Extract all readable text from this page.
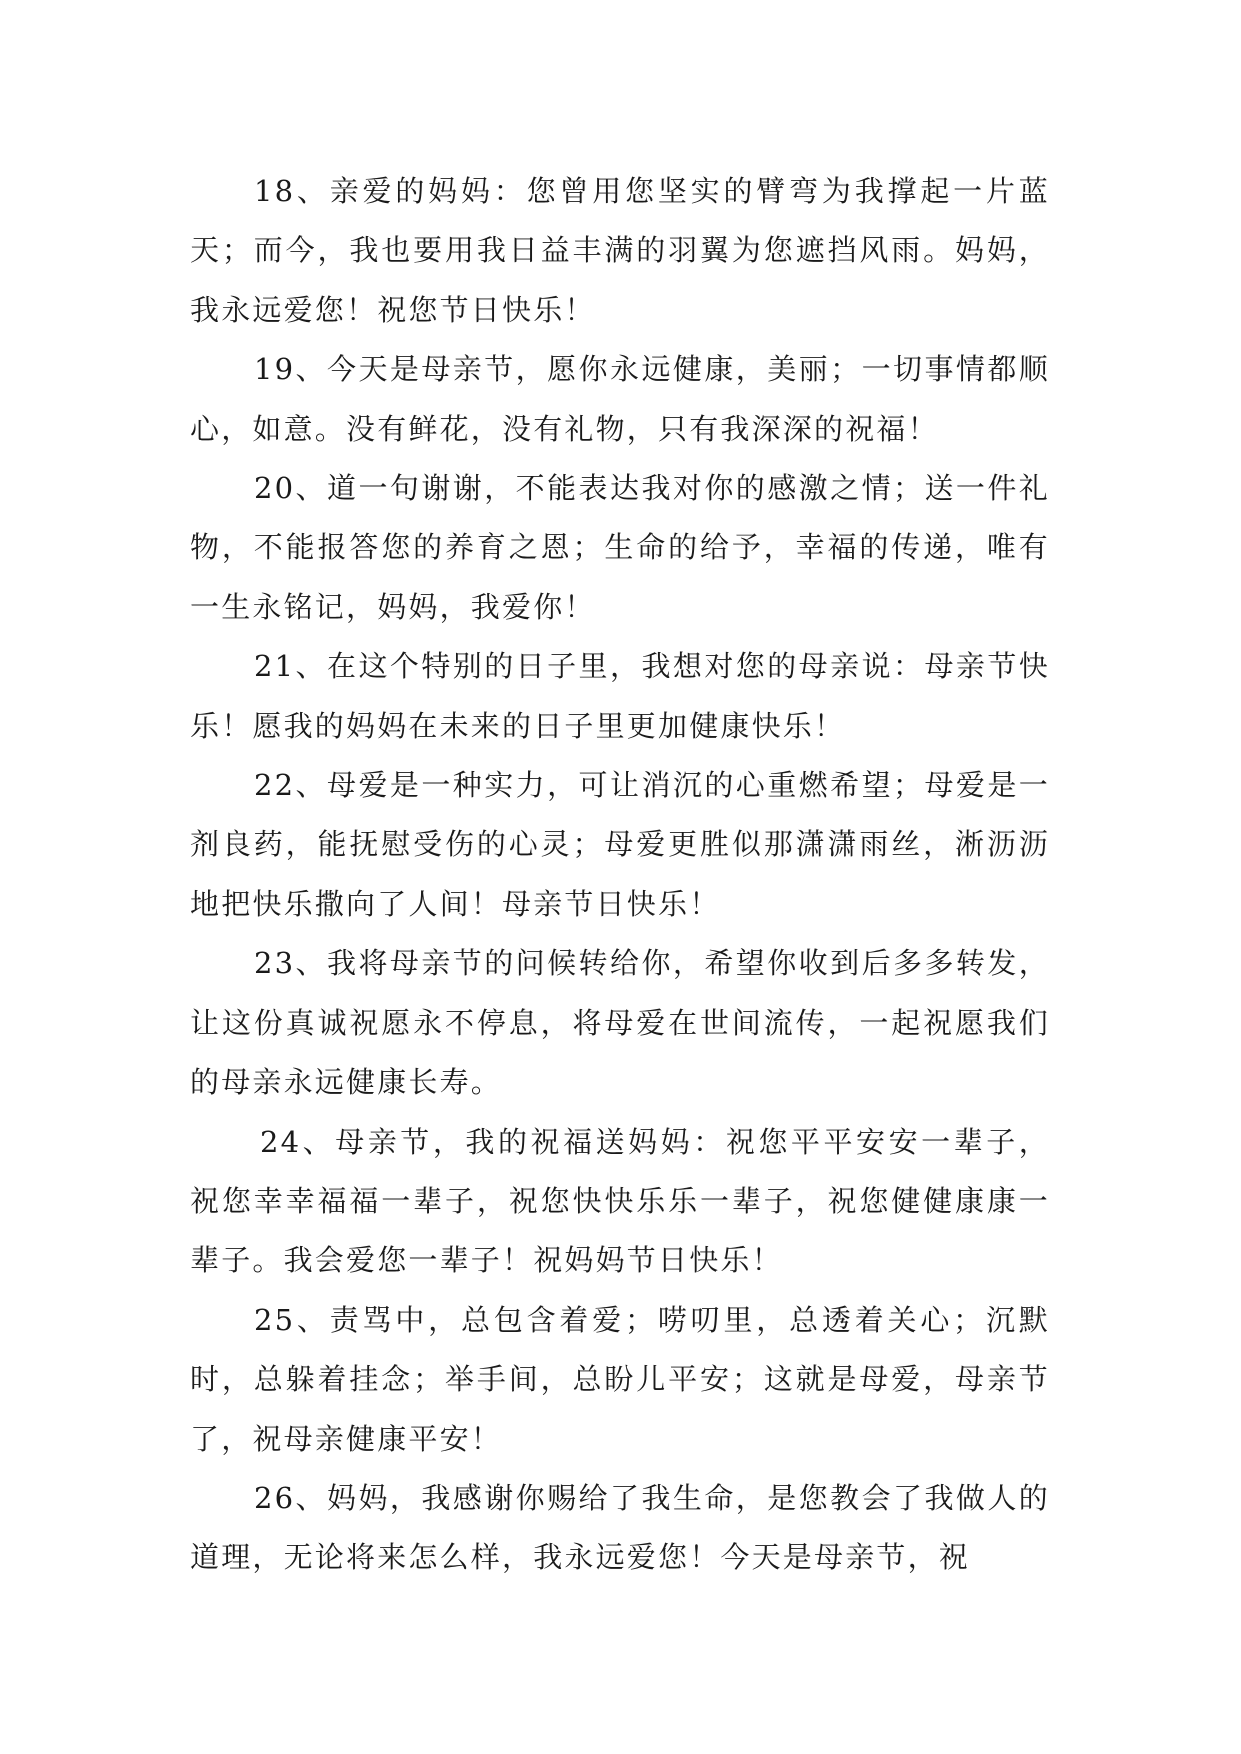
18、亲爱的妈妈：您曾用您坚实的臂弯为我撑起一片蓝天；而今，我也要用我日益丰满的羽翼为您遮挡风雨。妈妈，我永远爱您！祝您节日快乐！

19、今天是母亲节，愿你永远健康，美丽；一切事情都顺心，如意。没有鲜花，没有礼物，只有我深深的祝福！

20、道一句谢谢，不能表达我对你的感激之情；送一件礼物，不能报答您的养育之恩；生命的给予，幸福的传递，唯有一生永铭记，妈妈，我爱你！

21、在这个特别的日子里，我想对您的母亲说：母亲节快乐！愿我的妈妈在未来的日子里更加健康快乐！

22、母爱是一种实力，可让消沉的心重燃希望；母爱是一剂良药，能抚慰受伤的心灵；母爱更胜似那潇潇雨丝，淅沥沥地把快乐撒向了人间！母亲节日快乐！

23、我将母亲节的问候转给你，希望你收到后多多转发，让这份真诚祝愿永不停息，将母爱在世间流传，一起祝愿我们的母亲永远健康长寿。

24、母亲节，我的祝福送妈妈：祝您平平安安一辈子，祝您幸幸福福一辈子，祝您快快乐乐一辈子，祝您健健康康一辈子。我会爱您一辈子！祝妈妈节日快乐！

25、责骂中，总包含着爱；唠叨里，总透着关心；沉默时，总躲着挂念；举手间，总盼儿平安；这就是母爱，母亲节了，祝母亲健康平安！

26、妈妈，我感谢你赐给了我生命，是您教会了我做人的道理，无论将来怎么样，我永远爱您！今天是母亲节，祝
